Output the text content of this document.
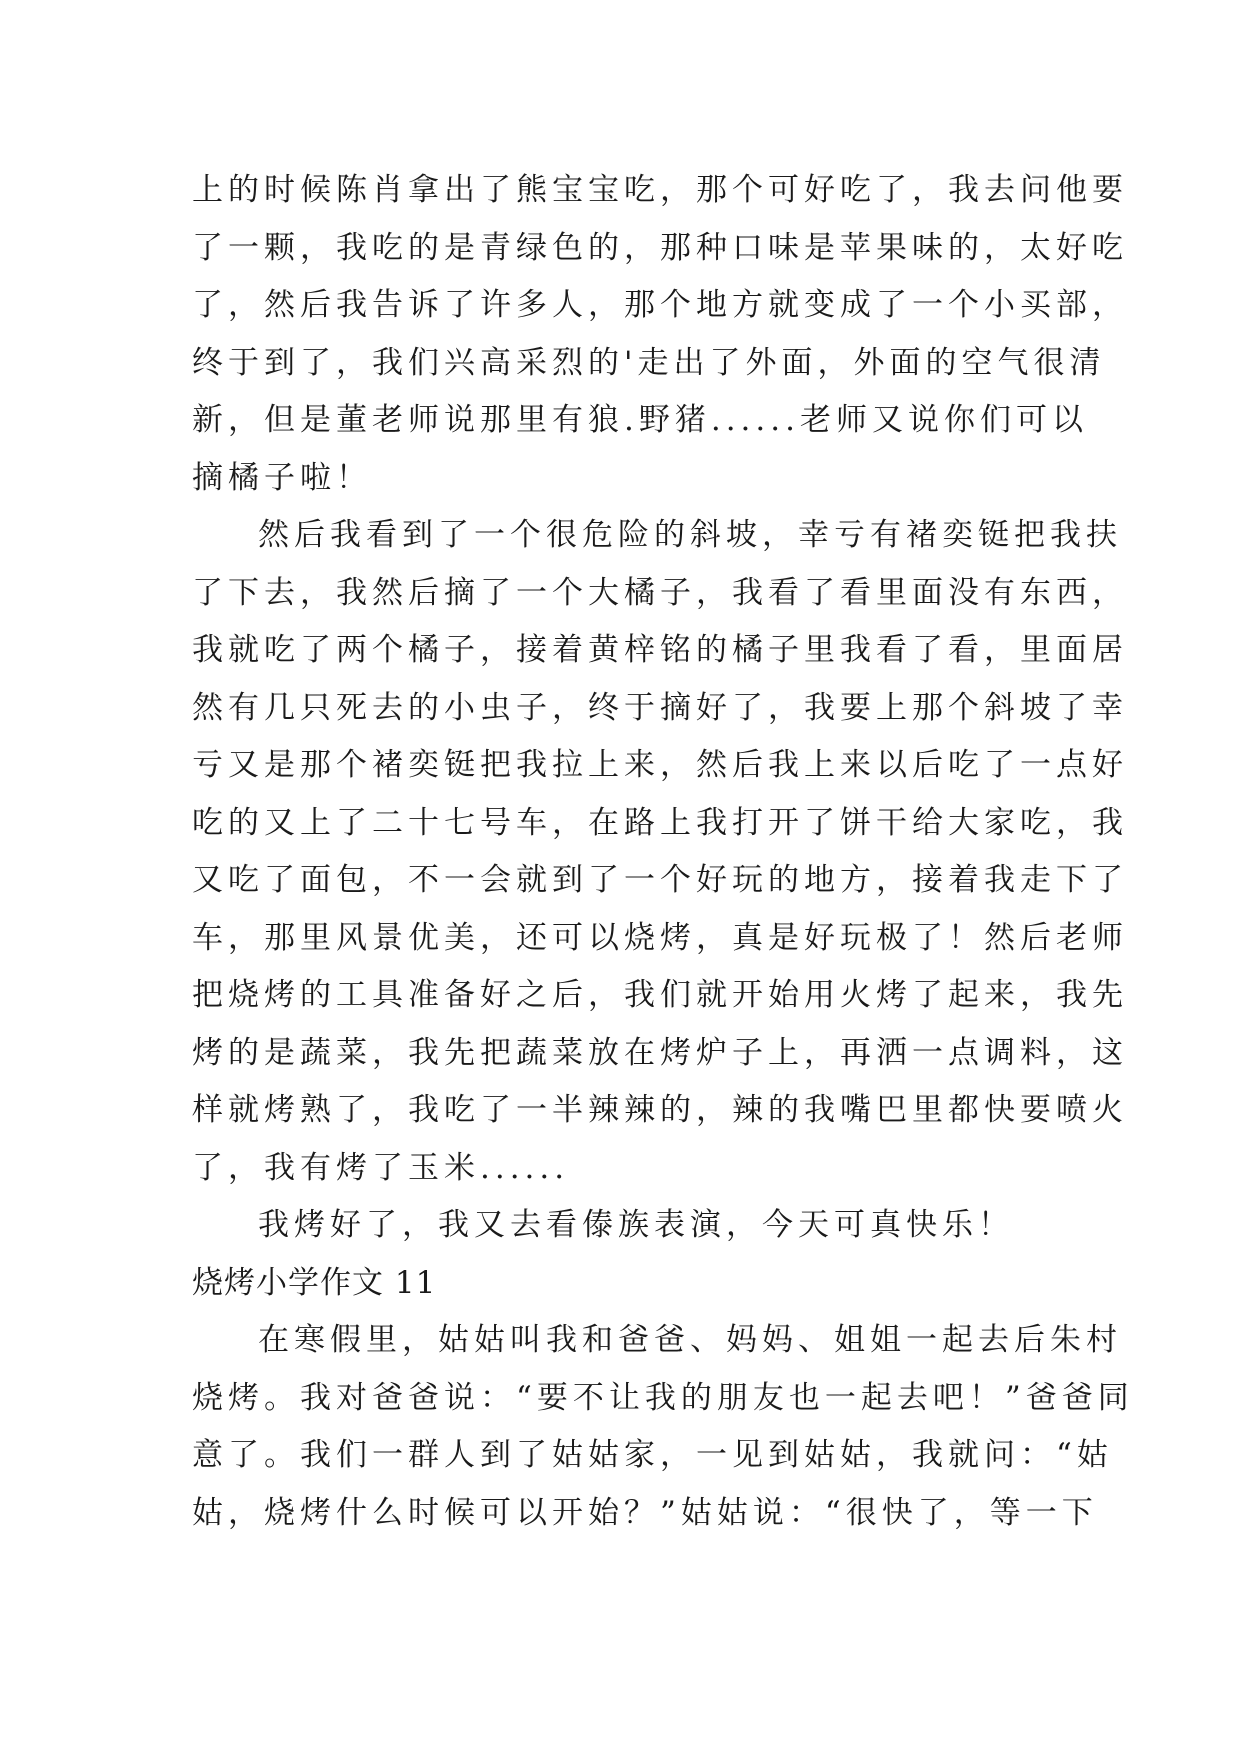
上的时候陈肖拿出了熊宝宝吃，那个可好吃了，我去问他要
了一颗，我吃的是青绿色的，那种口味是苹果味的，太好吃
了，然后我告诉了许多人，那个地方就变成了一个小买部，
终于到了，我们兴高采烈的'走出了外面，外面的空气很清
新，但是董老师说那里有狼.野猪......老师又说你们可以
摘橘子啦！
然后我看到了一个很危险的斜坡，幸亏有褚奕铤把我扶
了下去，我然后摘了一个大橘子，我看了看里面没有东西，
我就吃了两个橘子，接着黄梓铭的橘子里我看了看，里面居
然有几只死去的小虫子，终于摘好了，我要上那个斜坡了幸
亏又是那个褚奕铤把我拉上来，然后我上来以后吃了一点好
吃的又上了二十七号车，在路上我打开了饼干给大家吃，我
又吃了面包，不一会就到了一个好玩的地方，接着我走下了
车，那里风景优美，还可以烧烤，真是好玩极了！然后老师
把烧烤的工具准备好之后，我们就开始用火烤了起来，我先
烤的是蔬菜，我先把蔬菜放在烤炉子上，再洒一点调料，这
样就烤熟了，我吃了一半辣辣的，辣的我嘴巴里都快要喷火
了，我有烤了玉米......
我烤好了，我又去看傣族表演，今天可真快乐！
烧烤小学作文 11
在寒假里，姑姑叫我和爸爸、妈妈、姐姐一起去后朱村
烧烤。我对爸爸说：“要不让我的朋友也一起去吧！”爸爸同
意了。我们一群人到了姑姑家，一见到姑姑，我就问：“姑
姑，烧烤什么时候可以开始？”姑姑说：“很快了，等一下
